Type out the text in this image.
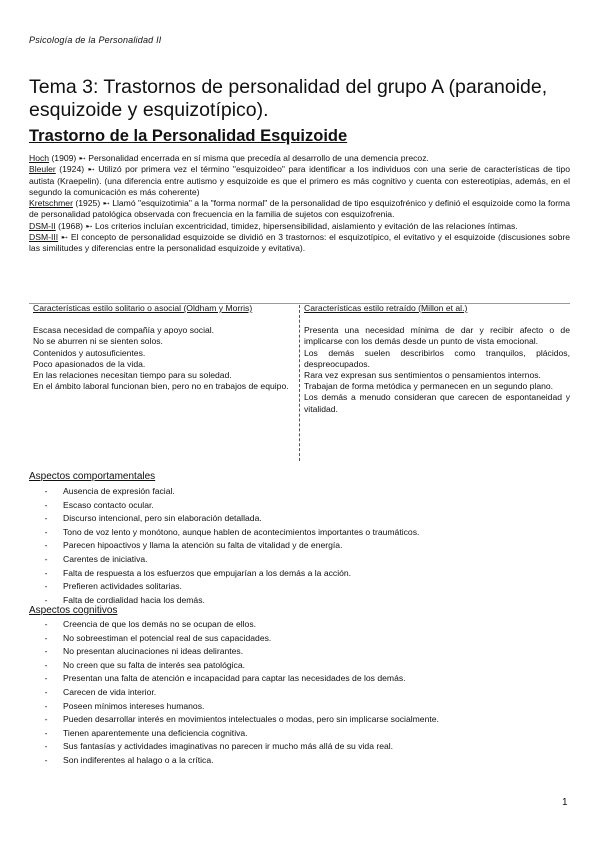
Psicología de la Personalidad II
Tema 3: Trastornos de personalidad del grupo A (paranoide, esquizoide y esquizotípico).
Trastorno de la Personalidad Esquizoide

Hoch (1909) ➸ Personalidad encerrada en sí misma que precedía al desarrollo de una demencia precoz.

Bleuler (1924) ➸ Utilizó por primera vez el término "esquizoideo" para identificar a los individuos con una serie de características de tipo autista (Kraepelin). (una diferencia entre autismo y esquizoide es que el primero es más cognitivo y cuenta con estereotipias, además, en el segundo la comunicación es más coherente)

Kretschmer (1925) ➸ Llamó "esquizotimia" a la "forma normal" de la personalidad de tipo esquizofrénico y definió el esquizoide como la forma de personalidad patológica observada con frecuencia en la familia de sujetos con esquizofrenia.

DSM-II (1968) ➸ Los criterios incluían excentricidad, timidez, hipersensibilidad, aislamiento y evitación de las relaciones íntimas.

DSM-III ➸ El concepto de personalidad esquizoide se dividió en 3 trastornos: el esquizotípico, el evitativo y el esquizoide (discusiones sobre las similitudes y diferencias entre la personalidad esquizoide y evitativa).

Características estilo solitario o asocial (Oldham y Morris)

Escasa necesidad de compañía y apoyo social.

No se aburren ni se sienten solos.

Contenidos y autosuficientes.

Poco apasionados de la vida.

En las relaciones necesitan tiempo para su soledad.

En el ámbito laboral funcionan bien, pero no en trabajos de equipo.

Características estilo retraído (Millon et al.)

Presenta una necesidad mínima de dar y recibir afecto o de implicarse con los demás desde un punto de vista emocional.

Los demás suelen describirlos como tranquilos, plácidos, despreocupados.

Rara vez expresan sus sentimientos o pensamientos internos.

Trabajan de forma metódica y permanecen en un segundo plano.

Los demás a menudo consideran que carecen de espontaneidad y vitalidad.

Aspectos comportamentales
- Ausencia de expresión facial.
- Escaso contacto ocular.
- Discurso intencional, pero sin elaboración detallada.
- Tono de voz lento y monótono, aunque hablen de acontecimientos importantes o traumáticos.
- Parecen hipoactivos y llama la atención su falta de vitalidad y de energía.
- Carentes de iniciativa.
- Falta de respuesta a los esfuerzos que empujarían a los demás a la acción.
- Prefieren actividades solitarias.
- Falta de cordialidad hacia los demás.
Aspectos cognitivos
- Creencia de que los demás no se ocupan de ellos.
- No sobreestiman el potencial real de sus capacidades.
- No presentan alucinaciones ni ideas delirantes.
- No creen que su falta de interés sea patológica.
- Presentan una falta de atención e incapacidad para captar las necesidades de los demás.
- Carecen de vida interior.
- Poseen mínimos intereses humanos.
- Pueden desarrollar interés en movimientos intelectuales o modas, pero sin implicarse socialmente.
- Tienen aparentemente una deficiencia cognitiva.
- Sus fantasías y actividades imaginativas no parecen ir mucho más allá de su vida real.
- Son indiferentes al halago o a la crítica.
1
